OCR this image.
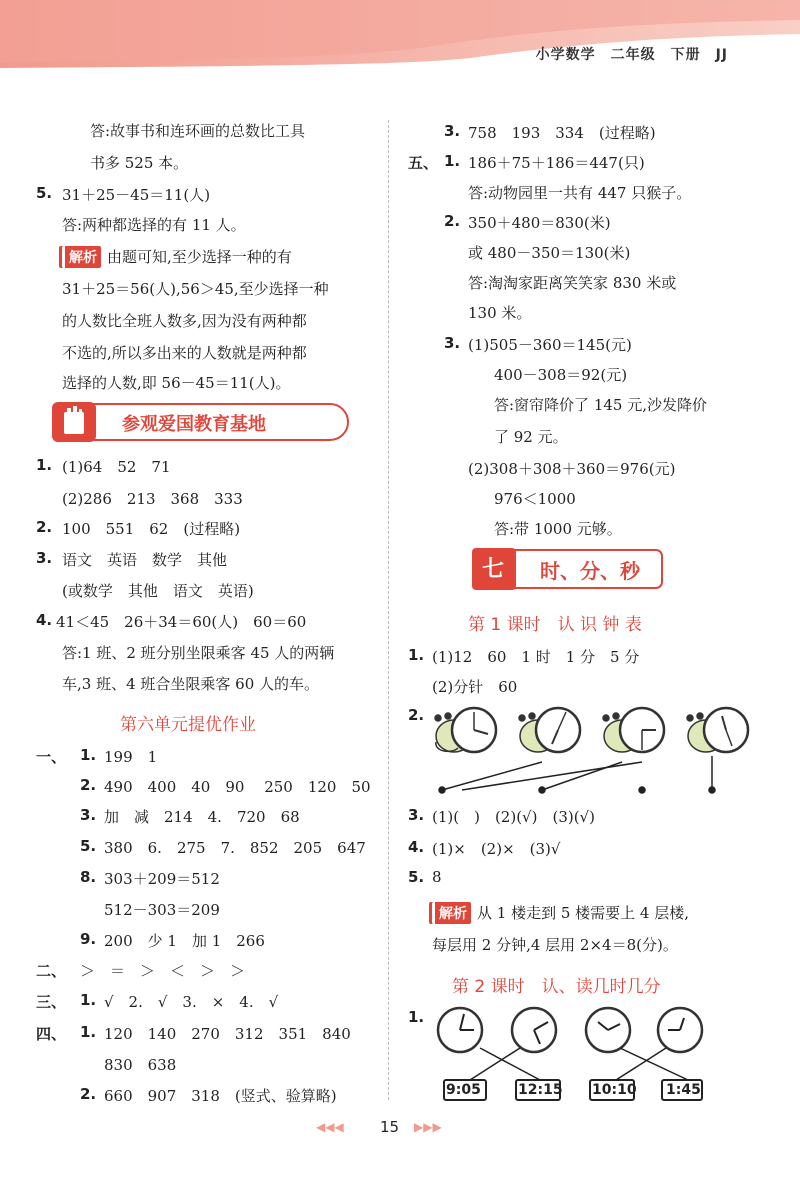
小学数学　 二年级　 下册　 JJ
答:故事书和连环画的总数比工具
书多 525 本。
5. 31＋25－45＝11(人)
答:两种都选择的有 11 人。
解析 由题可知,至少选择一种的有
31＋25＝56(人),56＞45,至少选择一种
的人数比全班人数多,因为没有两种都
不选的,所以多出来的人数就是两种都
选择的人数,即 56－45＝11(人)。
参观爱国教育基地
1. (1)64　52　71
(2)286　213　368　333
2. 100　551　62　(过程略)
3. 语文　英语　数学　其他
(或数学　其他　语文　英语)
4. 41＜45　26＋34＝60(人)　60＝60
答:1 班、2 班分别坐限乘客 45 人的两辆
车,3 班、4 班合坐限乘客 60 人的车。
第六单元提优作业
一、 1. 199　1
2. 490　400　40　90　 250　120　50
3. 加　减　214　4.　720　68
5. 380　6.　275　7.　852　205　647
8. 303＋209＝512
512－303＝209
9. 200　少 1　加 1　266
二、 ＞　＝　＞　＜　＞　＞
三、 1. √　2.　√　3.　×　4.　√
四、 1. 120　140　270　312　351　840
830　638
2. 660　907　318　(竖式、验算略)
3. 758　193　334　(过程略)
五、 1. 186＋75＋186＝447(只)
答:动物园里一共有 447 只猴子。
2. 350＋480＝830(米)
或 480－350＝130(米)
答:淘淘家距离笑笑家 830 米或
130 米。
3. (1)505－360＝145(元)
400－308＝92(元)
答:窗帘降价了 145 元,沙发降价
了 92 元。
(2)308＋308＋360＝976(元)
976＜1000
答:带 1000 元够。
七 时、分、秒
第 1 课时　认 识 钟 表
1. (1)12　60　1 时　1 分　5 分
(2)分针　60
2.
3. (1)(　)　(2)(√)　(3)(√)
4. (1)×　(2)×　(3)√
5. 8
解析 从 1 楼走到 5 楼需要上 4 层楼,
每层用 2 分钟,4 层用 2×4＝8(分)。
第 2 课时　认、读几时几分
1.
9:05	12:15 10:10 1:45
◀◀◀ 15 ▶▶▶
